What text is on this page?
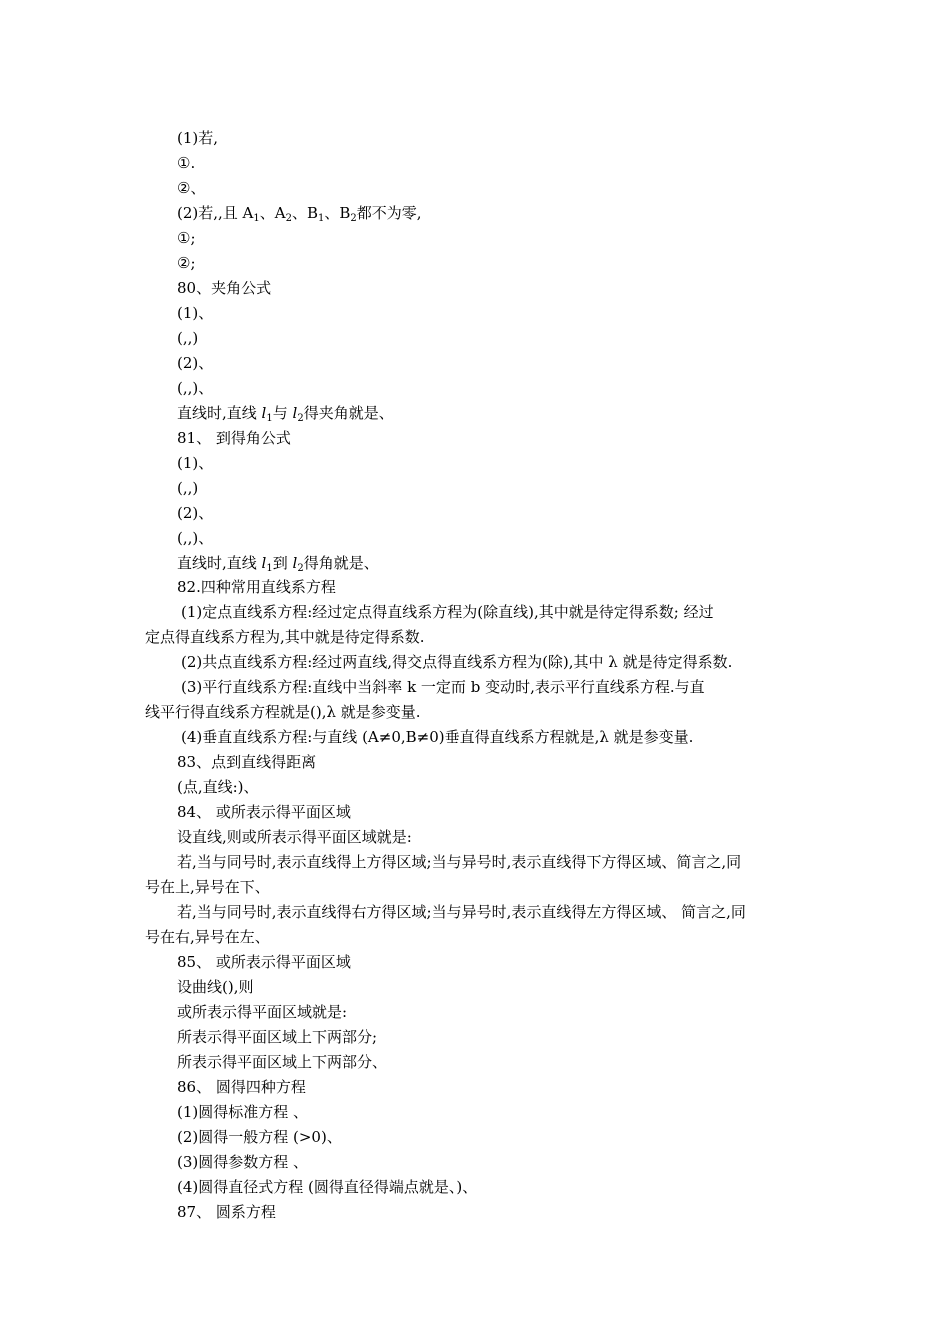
(1)若,
①.
②、
(2)若,,且 $A_1$、$A_2$、$B_1$、$B_2$都不为零,
①;
②;
80、夹角公式
(1)、
(,,)
(2)、
(,,)、
直线时,直线 $l_1$与 $l_2$得夹角就是、
81、 到得角公式
(1)、
(,,)
(2)、
(,,)、
直线时,直线 $l_1$到 $l_2$得角就是、
82.四种常用直线系方程
(1)定点直线系方程:经过定点得直线系方程为(除直线),其中就是待定得系数; 经过
定点得直线系方程为,其中就是待定得系数.
(2)共点直线系方程:经过两直线,得交点得直线系方程为(除),其中 λ 就是待定得系数.
(3)平行直线系方程:直线中当斜率 k 一定而 b 变动时,表示平行直线系方程.与直
线平行得直线系方程就是(),λ 就是参变量.
(4)垂直直线系方程:与直线 (A≠0,B≠0)垂直得直线系方程就是,λ 就是参变量.
83、点到直线得距离
(点,直线:)、
84、 或所表示得平面区域
设直线,则或所表示得平面区域就是:
若,当与同号时,表示直线得上方得区域;当与异号时,表示直线得下方得区域、简言之,同
号在上,异号在下、
若,当与同号时,表示直线得右方得区域;当与异号时,表示直线得左方得区域、 简言之,同
号在右,异号在左、
85、 或所表示得平面区域
设曲线(),则
或所表示得平面区域就是:
所表示得平面区域上下两部分;
所表示得平面区域上下两部分、
86、 圆得四种方程
(1)圆得标准方程 、
(2)圆得一般方程 (>0)、
(3)圆得参数方程 、
(4)圆得直径式方程 (圆得直径得端点就是、)、
87、 圆系方程
